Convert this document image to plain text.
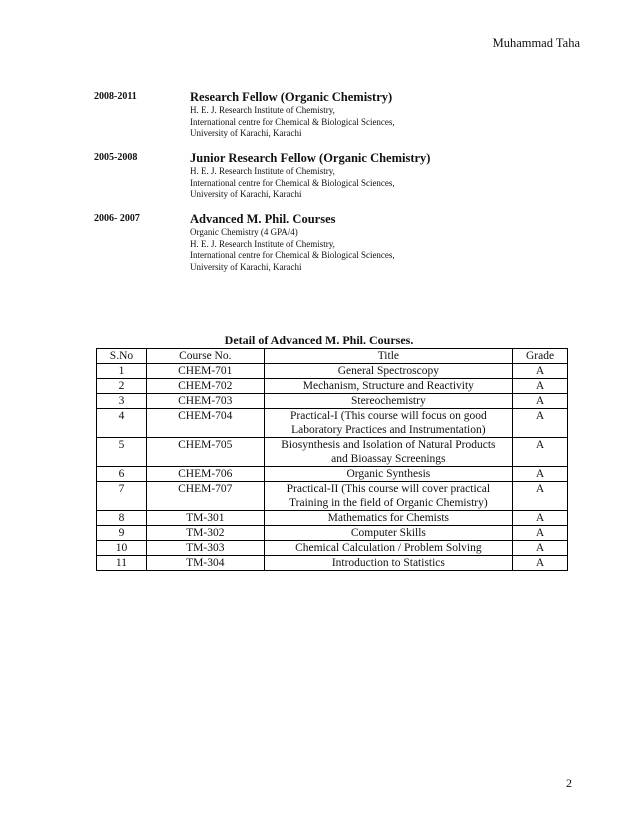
Muhammad Taha
2008-2011	Research Fellow (Organic Chemistry)
H. E. J. Research Institute of Chemistry,
International centre for Chemical & Biological Sciences,
University of Karachi, Karachi
2005-2008	Junior Research Fellow (Organic Chemistry)
H. E. J. Research Institute of Chemistry,
International centre for Chemical & Biological Sciences,
University of Karachi, Karachi
2006- 2007	Advanced M. Phil. Courses
Organic Chemistry (4 GPA/4)
H. E. J. Research Institute of Chemistry,
International centre for Chemical & Biological Sciences,
University of Karachi, Karachi
Detail of Advanced M. Phil. Courses.
S.No	Course No.	Title	Grade
1	CHEM-701	General Spectroscopy	A
2	CHEM-702	Mechanism, Structure and Reactivity	A
3	CHEM-703	Stereochemistry	A
4	CHEM-704	Practical-I (This course will focus on good
Laboratory Practices and Instrumentation)	A
5	CHEM-705	Biosynthesis and Isolation of Natural Products
and Bioassay Screenings	A
6	CHEM-706	Organic Synthesis	A
7	CHEM-707	Practical-II (This course will cover practical
Training in the field of Organic Chemistry)	A
8	TM-301	Mathematics for Chemists	A
9	TM-302	Computer Skills	A
10	TM-303	Chemical Calculation / Problem Solving	A
11	TM-304	Introduction to Statistics	A
2
